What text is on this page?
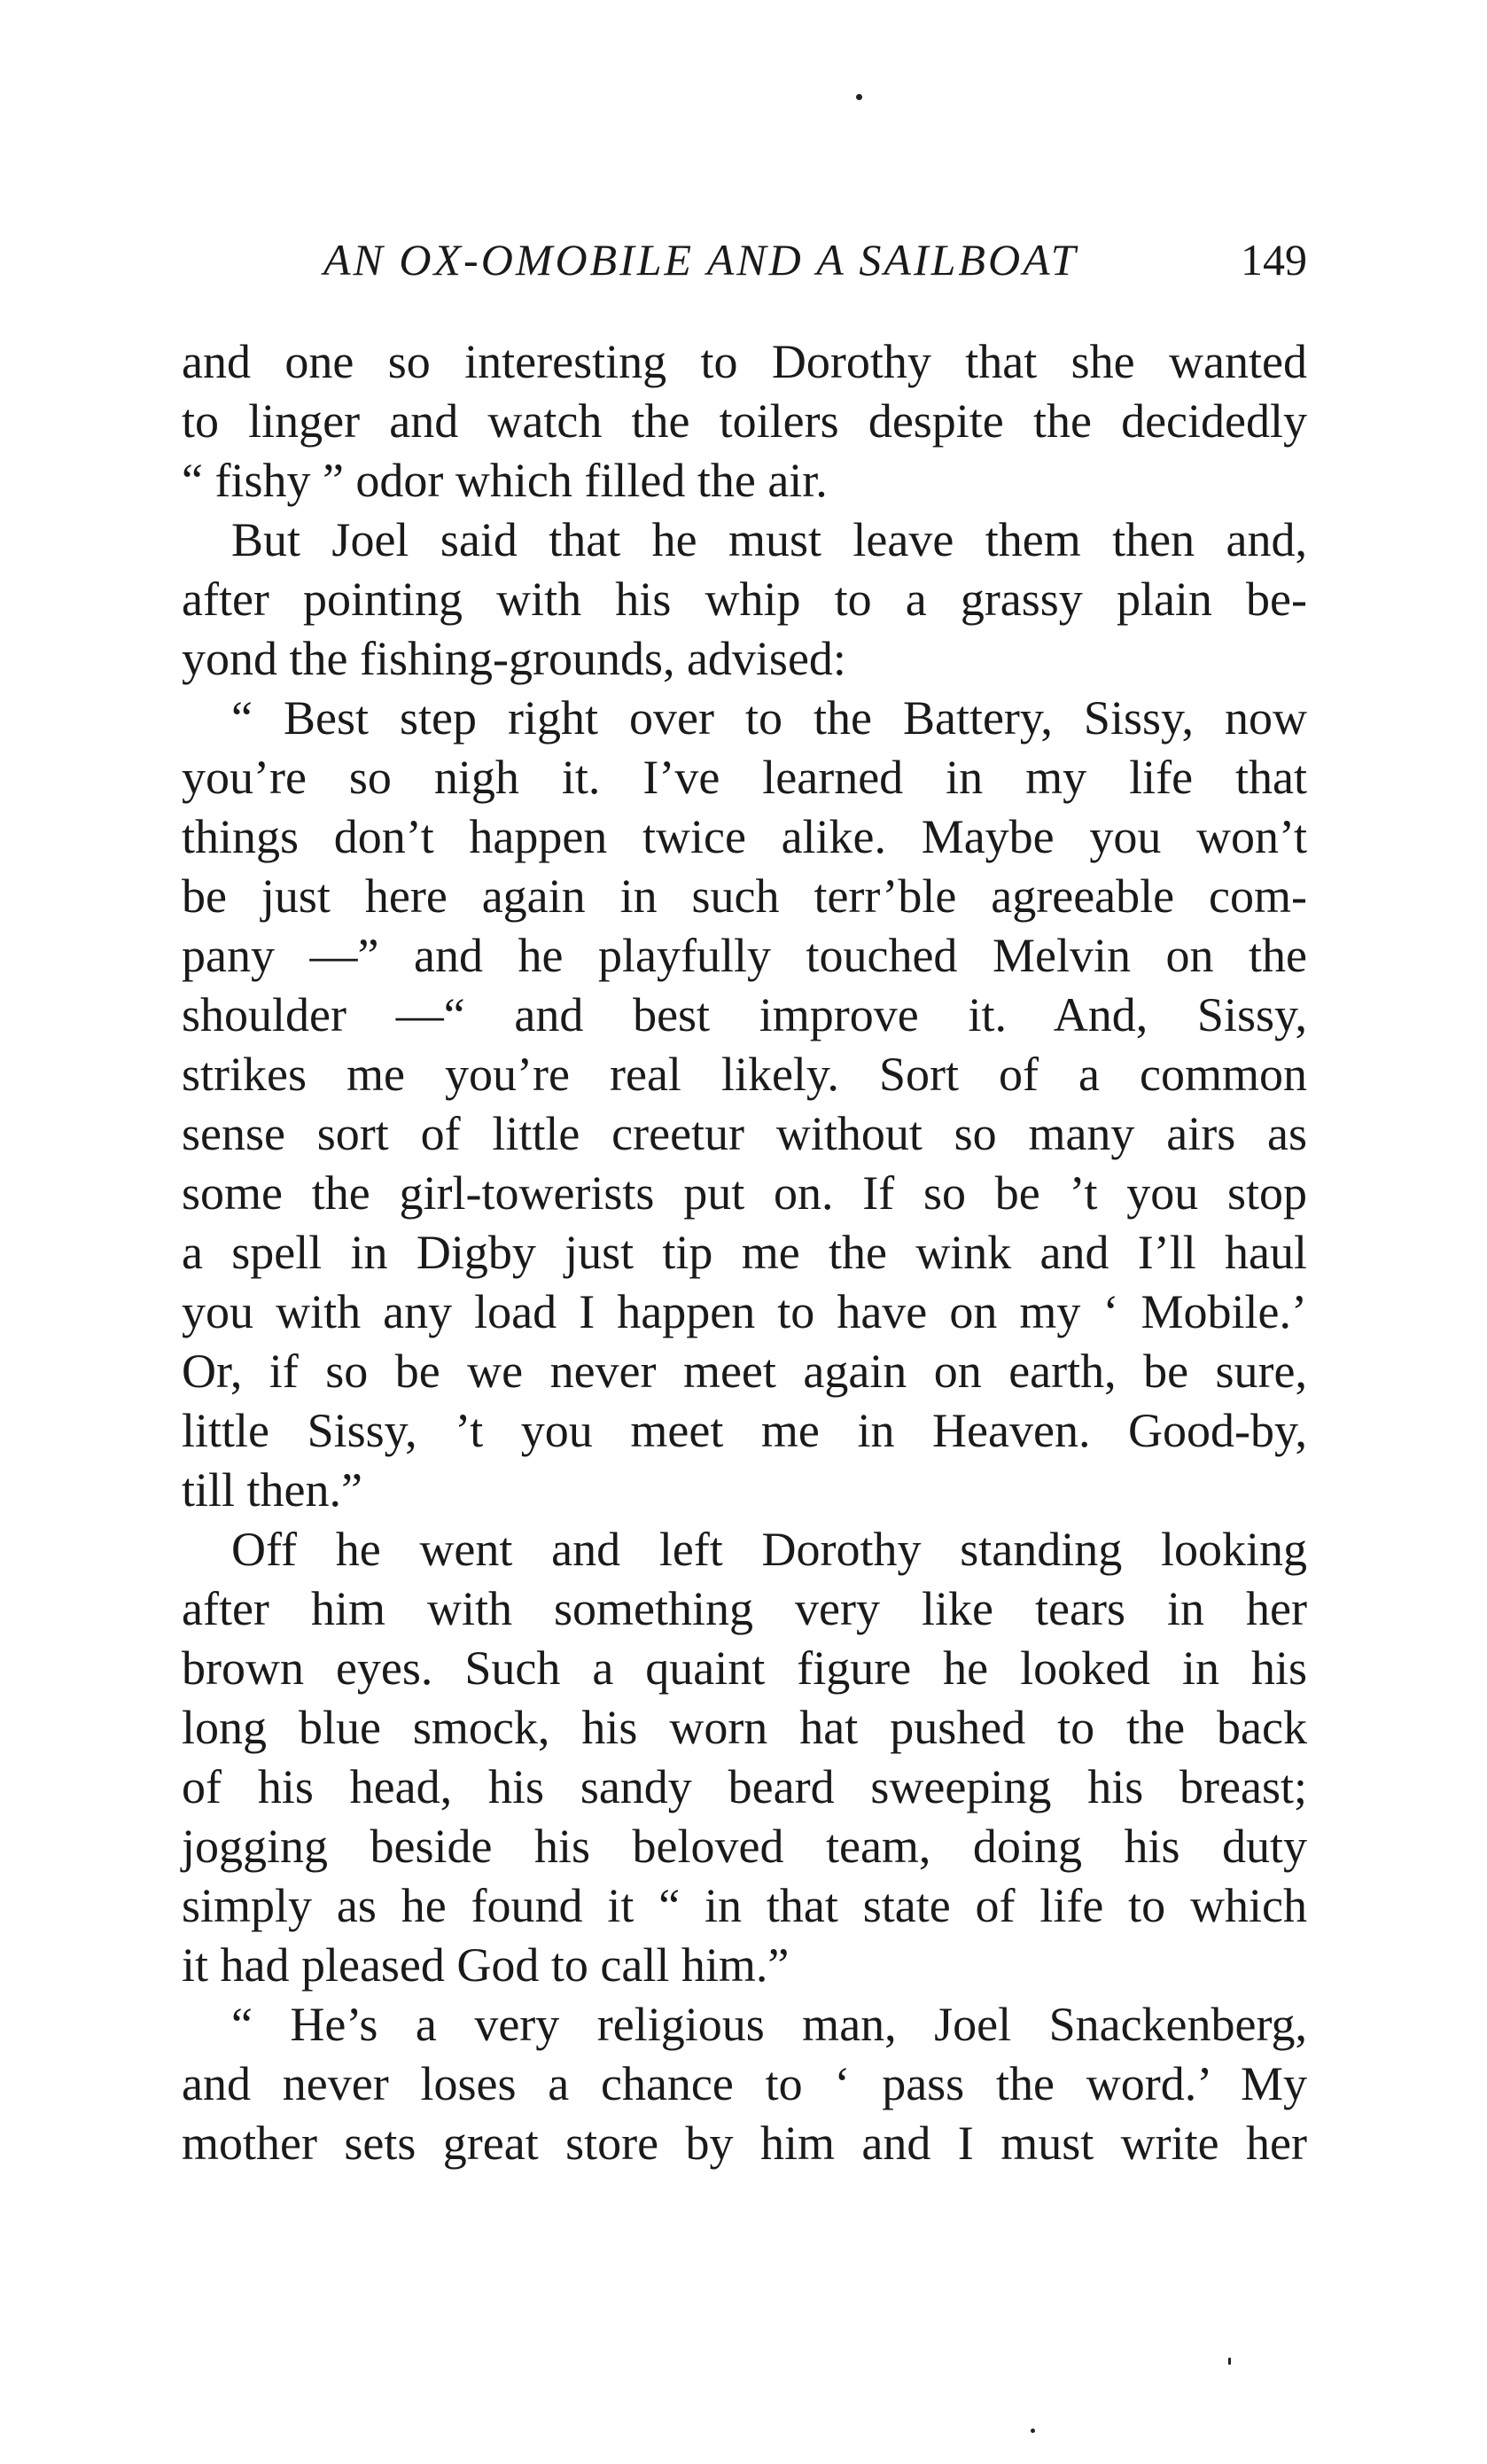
AN OX-OMOBILE AND A SAILBOAT	149
and one so interesting to Dorothy that she wanted
to linger and watch the toilers despite the decidedly
“ fishy ” odor which filled the air.
But Joel said that he must leave them then and,
after pointing with his whip to a grassy plain be-
yond the fishing-grounds, advised:
“ Best step right over to the Battery, Sissy, now
you’re so nigh it. I’ve learned in my life that
things don’t happen twice alike. Maybe you won’t
be just here again in such terr’ble agreeable com-
pany —” and he playfully touched Melvin on the
shoulder —“ and best improve it. And, Sissy,
strikes me you’re real likely. Sort of a common
sense sort of little creetur without so many airs as
some the girl-towerists put on. If so be ’t you stop
a spell in Digby just tip me the wink and I’ll haul
you with any load I happen to have on my ‘ Mobile.’
Or, if so be we never meet again on earth, be sure,
little Sissy, ’t you meet me in Heaven. Good-by,
till then.”
Off he went and left Dorothy standing looking
after him with something very like tears in her
brown eyes. Such a quaint figure he looked in his
long blue smock, his worn hat pushed to the back
of his head, his sandy beard sweeping his breast;
jogging beside his beloved team, doing his duty
simply as he found it “ in that state of life to which
it had pleased God to call him.”
“ He’s a very religious man, Joel Snackenberg,
and never loses a chance to ‘ pass the word.’ My
mother sets great store by him and I must write her
